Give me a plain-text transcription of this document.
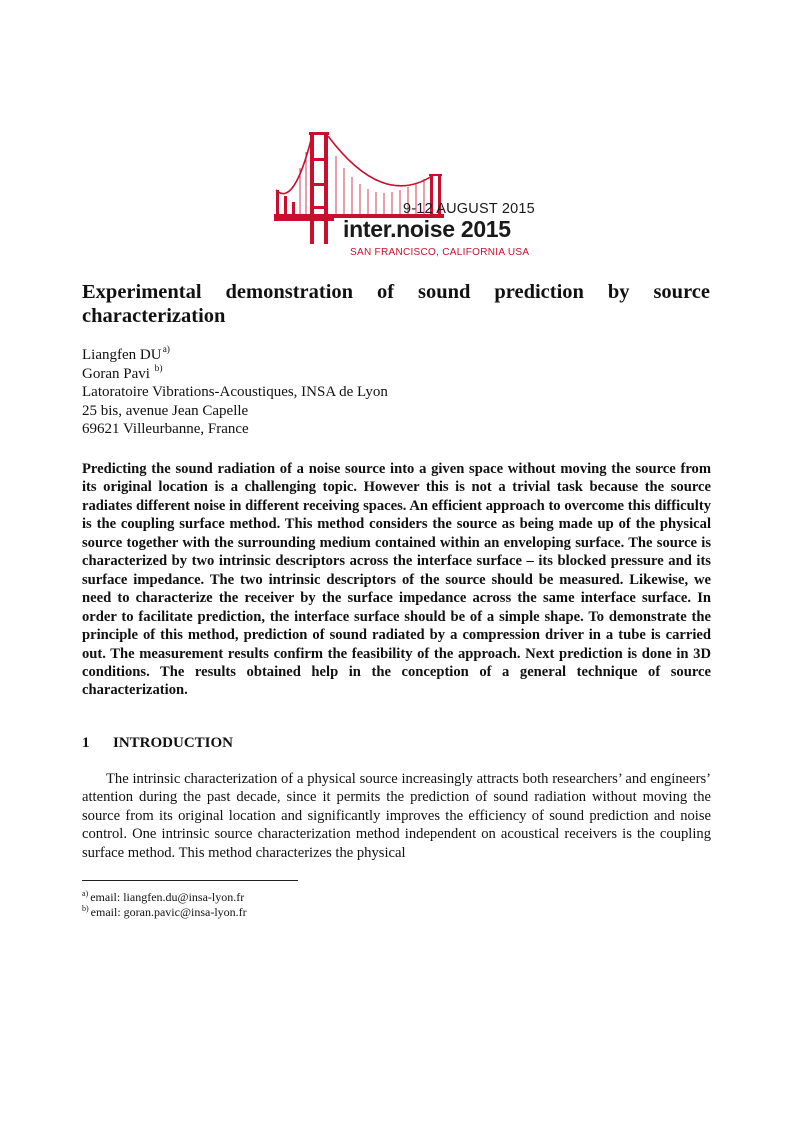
9-12 AUGUST 2015
inter.noise 2015
SAN FRANCISCO, CALIFORNIA USA
Experimental demonstration of sound prediction by source characterization
Liangfen DU$^{a)}$
Goran Pavi $^{b)}$
Latoratoire Vibrations-Acoustiques, INSA de Lyon
25 bis, avenue Jean Capelle
69621 Villeurbanne, France

Predicting the sound radiation of a noise source into a given space without moving the source from its original location is a challenging topic. However this is not a trivial task because the source radiates different noise in different receiving spaces. An efficient approach to overcome this difficulty is the coupling surface method. This method considers the source as being made up of the physical source together with the surrounding medium contained within an enveloping surface. The source is characterized by two intrinsic descriptors across the interface surface – its blocked pressure and its surface impedance. The two intrinsic descriptors of the source should be measured. Likewise, we need to characterize the receiver by the surface impedance across the same interface surface. In order to facilitate prediction, the interface surface should be of a simple shape. To demonstrate the principle of this method, prediction of sound radiated by a compression driver in a tube is carried out. The measurement results confirm the feasibility of the approach. Next prediction is done in 3D conditions. The results obtained help in the conception of a general technique of source characterization.

1 INTRODUCTION

The intrinsic characterization of a physical source increasingly attracts both researchers’ and engineers’ attention during the past decade, since it permits the prediction of sound radiation without moving the source from its original location and significantly improves the efficiency of sound prediction and noise control. One intrinsic source characterization method independent on acoustical receivers is the coupling surface method. This method characterizes the physical

$^{a)}$ email: liangfen.du@insa-lyon.fr
$^{b)}$ email: goran.pavic@insa-lyon.fr
